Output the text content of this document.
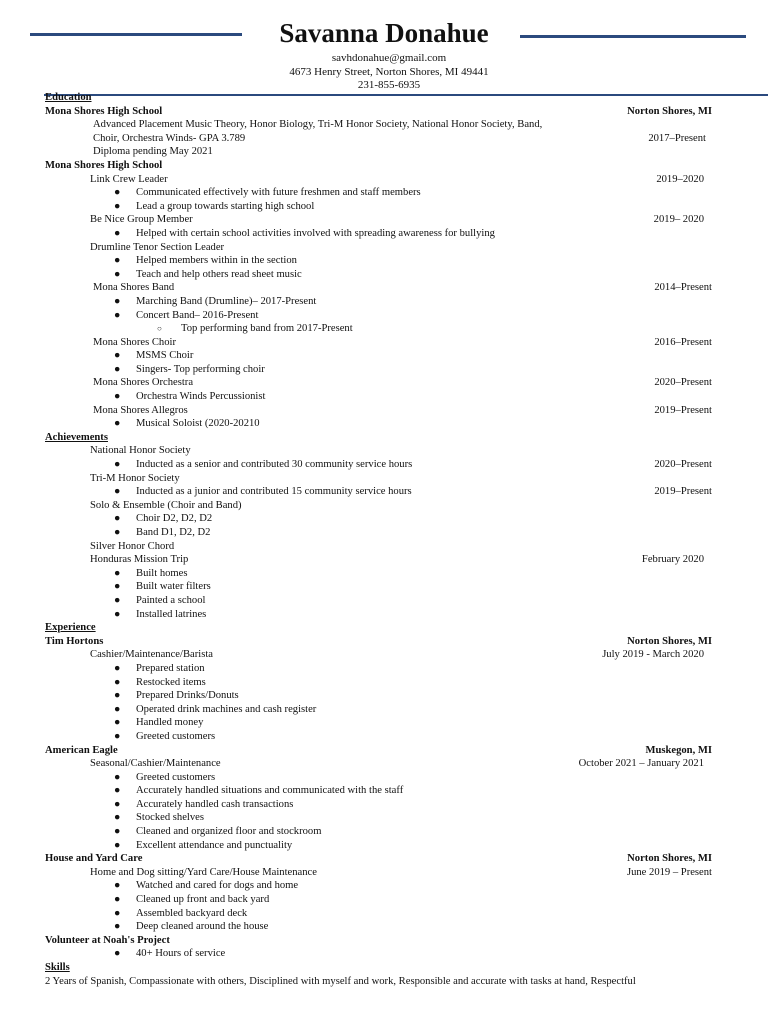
Savanna Donahue
savhdonahue@gmail.com
4673 Henry Street, Norton Shores, MI 49441
231-855-6935
Education
Mona Shores High School	Norton Shores, MI
Advanced Placement Music Theory, Honor Biology, Tri-M Honor Society, National Honor Society, Band,
Choir, Orchestra Winds- GPA 3.789	2017–Present
Diploma pending May 2021
Mona Shores High School
Link Crew Leader	2019–2020
● Communicated effectively with future freshmen and staff members
● Lead a group towards starting high school
Be Nice Group Member	2019– 2020
● Helped with certain school activities involved with spreading awareness for bullying
Drumline Tenor Section Leader
● Helped members within in the section
● Teach and help others read sheet music
Mona Shores Band	2014–Present
● Marching Band (Drumline)– 2017-Present
● Concert Band– 2016-Present
○ Top performing band from 2017-Present
Mona Shores Choir	2016–Present
● MSMS Choir
● Singers- Top performing choir
Mona Shores Orchestra	2020–Present
● Orchestra Winds Percussionist
Mona Shores Allegros	2019–Present
● Musical Soloist (2020-20210
Achievements
National Honor Society
● Inducted as a senior and contributed 30 community service hours	2020–Present
Tri-M Honor Society
● Inducted as a junior and contributed 15 community service hours	2019–Present
Solo & Ensemble (Choir and Band)
● Choir D2, D2, D2
● Band D1, D2, D2
Silver Honor Chord
Honduras Mission Trip	February 2020
● Built homes
● Built water filters
● Painted a school
● Installed latrines
Experience
Tim Hortons	Norton Shores, MI
Cashier/Maintenance/Barista	July 2019 - March 2020
● Prepared station
● Restocked items
● Prepared Drinks/Donuts
● Operated drink machines and cash register
● Handled money
● Greeted customers
American Eagle	Muskegon, MI
Seasonal/Cashier/Maintenance	October 2021 – January 2021
● Greeted customers
● Accurately handled situations and communicated with the staff
● Accurately handled cash transactions
● Stocked shelves
● Cleaned and organized floor and stockroom
● Excellent attendance and punctuality
House and Yard Care	Norton Shores, MI
Home and Dog sitting/Yard Care/House Maintenance	June 2019 – Present
● Watched and cared for dogs and home
● Cleaned up front and back yard
● Assembled backyard deck
● Deep cleaned around the house
Volunteer at Noah's Project
● 40+ Hours of service
Skills
2 Years of Spanish, Compassionate with others, Disciplined with myself and work, Responsible and accurate with tasks at hand, Respectful
